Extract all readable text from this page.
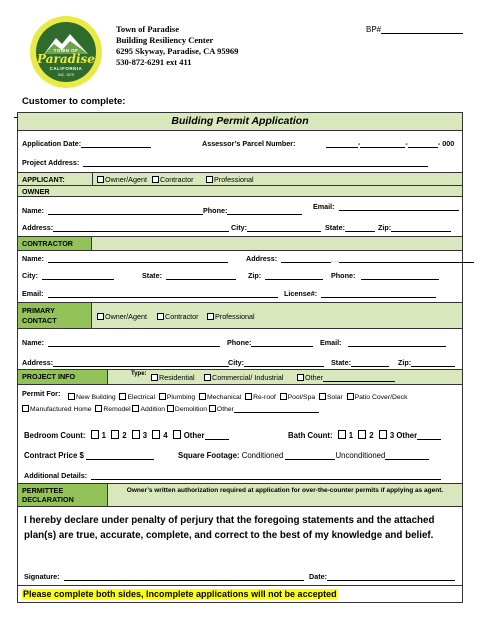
TOWN OF
Paradise
CALIFORNIA
INC. 1979
Town of Paradise
Building Resiliency Center
6295 Skyway, Paradise, CA 95969
530-872-6291 ext 411
BP#
Customer to complete:
Building Permit Application
Application Date:	Assessor’s Parcel Number:	-	-	- 000
Project Address:
APPLICANT:	Owner/Agent	Contractor	Professional
OWNER
Name:	Phone:	Email:
Address:	City:	State:	Zip:
CONTRACTOR
Name:	Address:	__
City:	State:	Zip:	Phone:
Email:	License#:
PRIMARY
CONTACT	Owner/Agent	Contractor	Professional
Name:	Phone:	Email:
Address:	City:	State:	Zip:
PROJECT INFO	Type:	Residential	Commercial/ Industrial	Other
Permit For:	New Building Electrical Plumbing Mechanical Re-roof Pool/Spa Solar Patio Cover/Deck
Manufactured Home Remodel Addition Demolition Other
Bedroom Count: 1 2 3 4 Other	Bath Count: 1 2 3 Other
Contract Price $	Square Footage: Conditioned	Unconditioned
Additional Details:
PERMITTEE
DECLARATION
Owner’s written authorization required at application for over-the-counter permits if applying as agent.
I hereby declare under penalty of perjury that the foregoing statements and the attached plan(s) are true, accurate, complete, and correct to the best of my knowledge and belief.
Signature:	Date:
Please complete both sides, Incomplete applications will not be accepted
